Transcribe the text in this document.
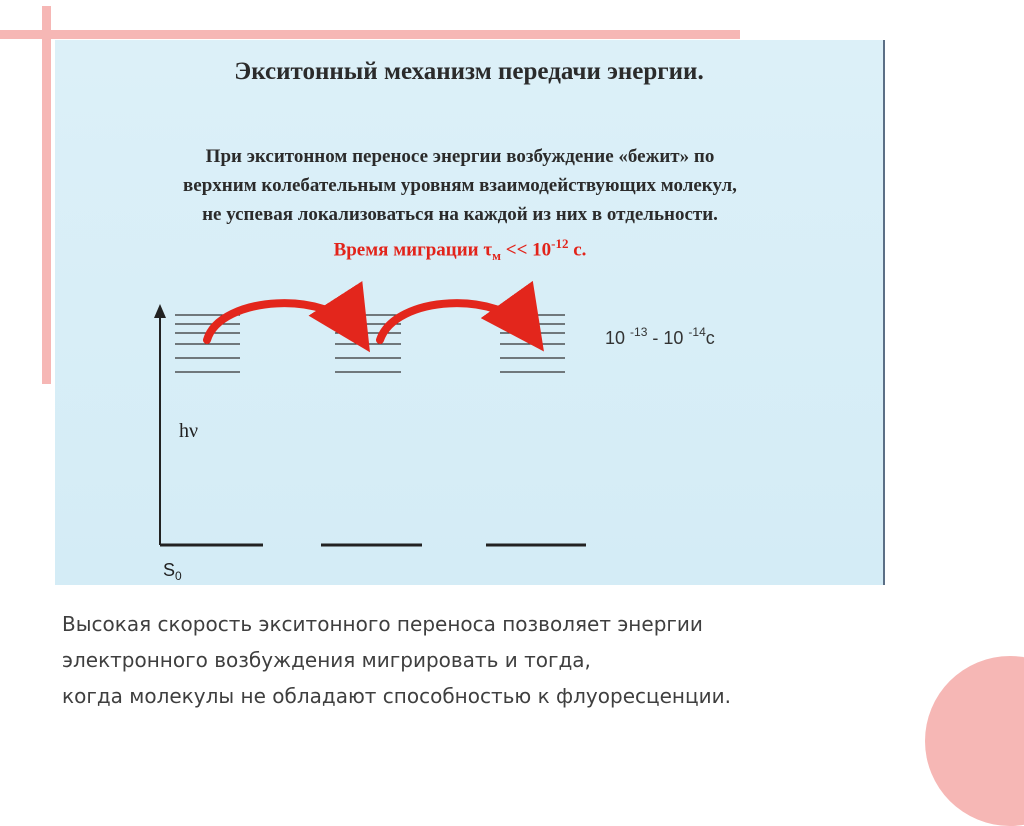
Экситонный механизм передачи энергии.
При экситонном переносе энергии возбуждение «бежит» по
верхним колебательным уровням взаимодействующих молекул,
не успевая локализоваться на каждой из них в отдельности.
Время миграции $\tau_м << 10^{-12}$ с.
hν
$S_0$
10 $^{-13}$ - 10 $^{-14}$с
Высокая скорость экситонного переноса позволяет энергии
электронного возбуждения мигрировать и тогда,
когда молекулы не обладают способностью к флуоресценции.
